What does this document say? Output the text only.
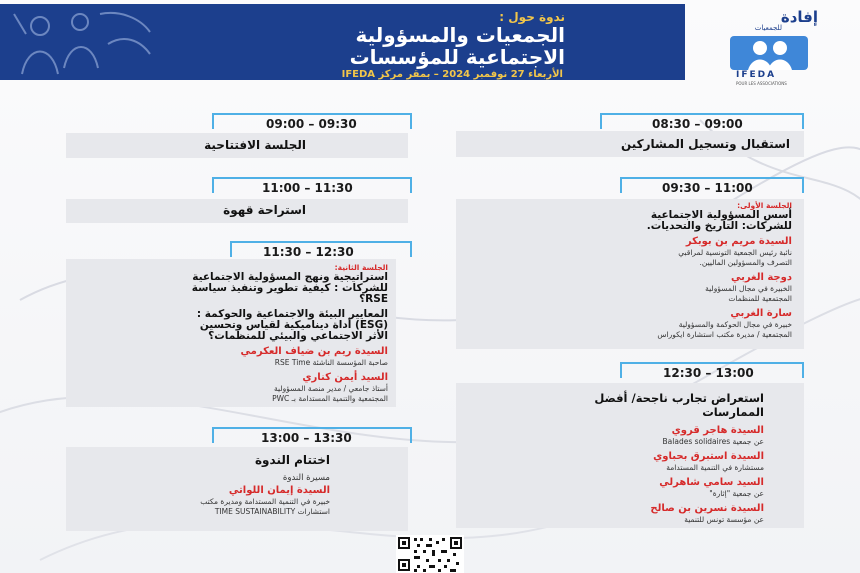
ندوة حول :
الجمعيات والمسؤولية
الاجتماعية للمؤسسات
الأربعاء 27 نوفمبر 2024 – بمقر مركز IFEDA
إفادة
للجمعيات
IFEDA
POUR LES ASSOCIATIONS
08:30 – 09:00
استقبال وتسجيل المشاركين
09:30 – 11:00
الجلسة الأولى:
أسس المسؤولية الاجتماعية
للشركات: التاريخ والتحديات.
السيدة مريم بن بوبكر
نائبة رئيس الجمعية التونسية لمراقبي
التصرف والمسؤولين الماليين.
دوجة الغربي
الخبيرة في مجال المسؤولية
المجتمعية للمنظمات
سارة الغربي
خبيرة في مجال الحوكمة والمسؤولية
المجتمعية / مديرة مكتب استشارة ايكوراس
12:30 – 13:00
استعراض تجارب ناجحة/ أفضل
الممارسات
السيدة هاجر قروي
عن جمعية Balades solidaires
السيدة استبرق بحباوي
مستشارة في التنمية المستدامة
السيد سامي شاهرلي
عن جمعية "إثارة"
السيدة نسرين بن صالح
عن مؤسسة تونس للتنمية
09:00 – 09:30
الجلسة الافتتاحية
11:00 – 11:30
استراحة قهوة
11:30 – 12:30
الجلسة الثانية:
استراتيجية ونهج المسؤولية الاجتماعية
للشركات : كيفية تطوير وتنفيذ سياسة
RSE؟
المعايير البيئة والاجتماعية والحوكمة :
(ESG) أداة ديناميكية لقياس وتحسين
الأثر الاجتماعي والبيئي للمنظمات؟
السيدة ريم بن ضياف العكرمي
صاحبة المؤسسة الناشئة RSE Time
السيد أيمن كناري
أستاذ جامعي / مدير منصة المسؤولية
المجتمعية والتنمية المستدامة بـ PWC
13:00 – 13:30
اختتام الندوة
مسيرة الندوة
السيدة إيمان اللواتي
خبيرة في التنمية المستدامة ومديرة مكتب
استشارات TIME SUSTAINABILITY
